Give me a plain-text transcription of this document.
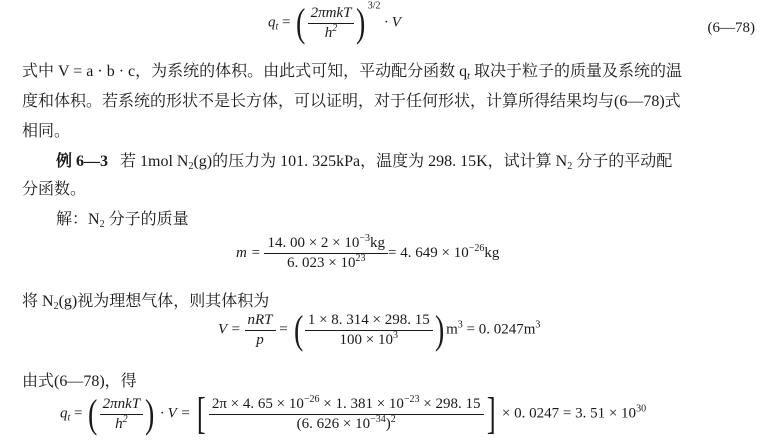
$q_t$ = ( $\frac{\text{2πmkT}}{h^2}$ ) $^{3/2}$ · V	(6—78)
式中 V = a · b · c，为系统的体积。由此式可知，平动配分函数 $q_t$ 取决于粒子的质量及系统的温
度和体积。若系统的形状不是长方体，可以证明，对于任何形状，计算所得结果均与(6—78)式
相同。
例 6—3 若 1mol $N_2(g)$的压力为 101. 325kPa，温度为 298. 15K，试计算 $N_2$ 分子的平动配
分函数。
解：$N_2$ 分子的质量
$m = \frac{14. 00 \times 2 \times 10^{-3}kg}{6. 023 \times 10^{23}} = 4$. $649 \times 10^{-26}kg$
将 $N_2(g)$视为理想气体，则其体积为
$V = \frac{\text{nRT}}{p}$ = ( $\frac{1 \times 8. 314 \times 298. 15}{100 \times 10^3}$ ) $m^3 = 0$. $0247m^3$
由式(6—78)，得
$q_t$ = ( $\frac{\text{2πnkT}}{h^2}$ ) · V = [ $\frac{2\pi \times 4. 65 \times 10^{-26} \times 1. 381 \times 10^{-23} \times 298. 15}{(6. 626 \times 10^{-34})^2}$ ] × 0. 0247 = 3. $51 \times 10^{30}$
